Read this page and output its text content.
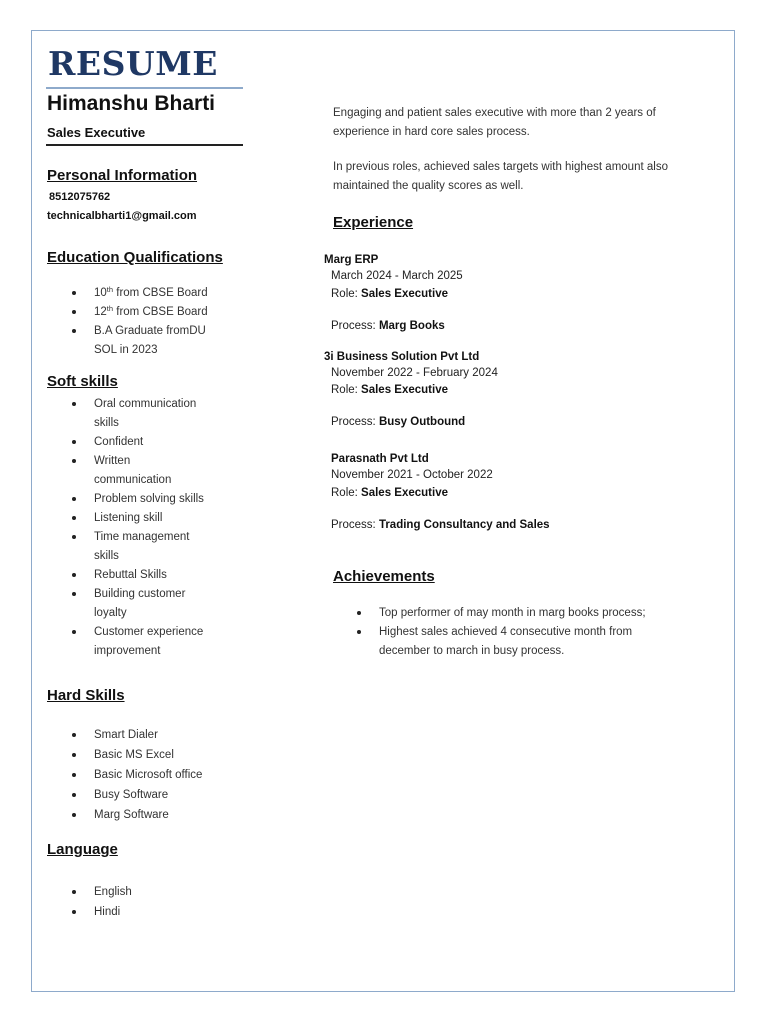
RESUME
Himanshu Bharti
Sales Executive
Personal Information
8512075762
technicalbharti1@gmail.com
Education Qualifications
10th from CBSE Board
12th from CBSE Board
B.A Graduate fromDU SOL in 2023
Soft skills
Oral communication skills
Confident
Written communication
Problem solving skills
Listening skill
Time management skills
Rebuttal Skills
Building customer loyalty
Customer experience improvement
Hard Skills
Smart Dialer
Basic MS Excel
Basic Microsoft office
Busy Software
Marg Software
Language
English
Hindi
Engaging and patient sales executive with more than 2 years of experience in hard core sales process.
In previous roles, achieved sales targets with highest amount also maintained the quality scores as well.
Experience
Marg ERP
March 2024 - March 2025
Role: Sales Executive
Process: Marg Books
3i Business Solution Pvt Ltd
November 2022 - February 2024
Role: Sales Executive
Process: Busy Outbound
Parasnath Pvt Ltd
November 2021 - October 2022
Role: Sales Executive
Process: Trading Consultancy and Sales
Achievements
Top performer of may month in marg books process;
Highest sales achieved 4 consecutive month from december to march in busy process.
